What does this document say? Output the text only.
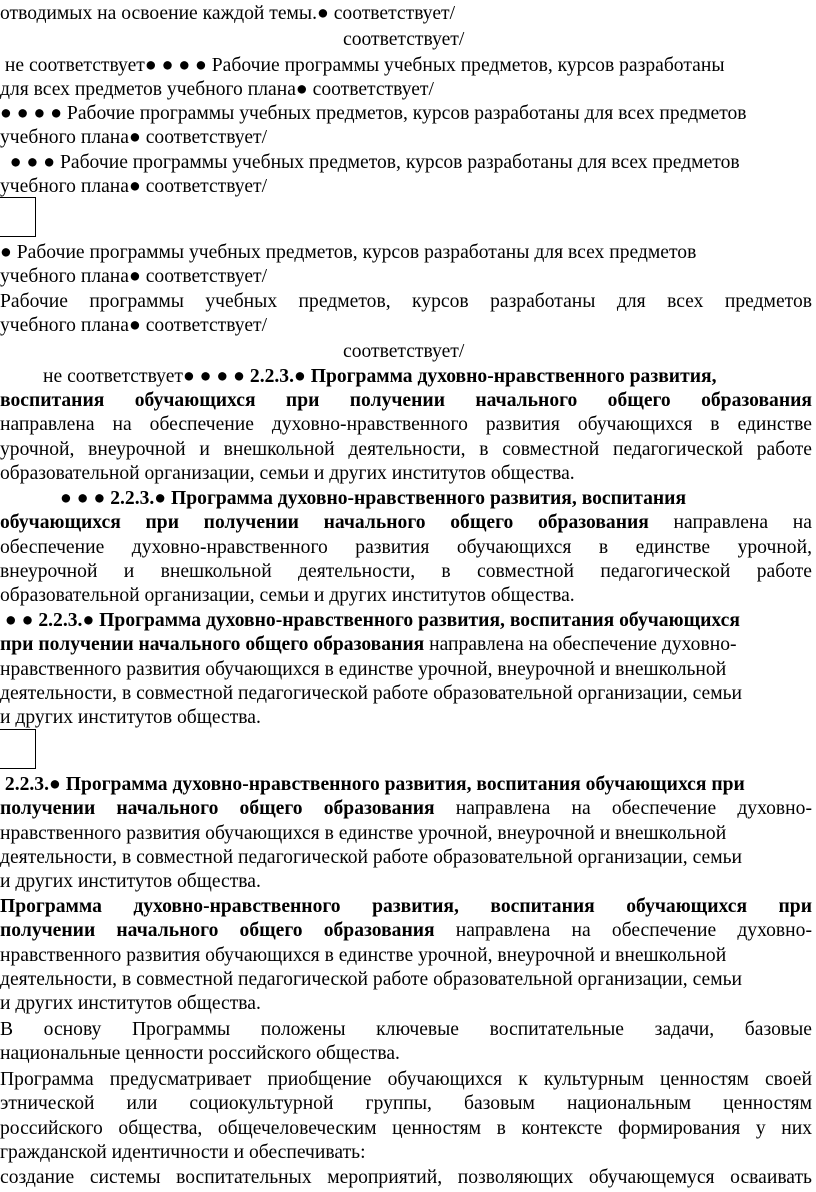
отводимых на освоение каждой темы.● соответствует/
соответствует/
не соответствует● ● ● ● Рабочие программы учебных предметов, курсов разработаны
для всех предметов учебного плана● соответствует/
● ● ● ● Рабочие программы учебных предметов, курсов разработаны для всех предметов
учебного плана● соответствует/
● ● ● Рабочие программы учебных предметов, курсов разработаны для всех предметов
учебного плана● соответствует/
● Рабочие программы учебных предметов, курсов разработаны для всех предметов
учебного плана● соответствует/
Рабочие программы учебных предметов, курсов разработаны для всех предметов
учебного плана● соответствует/
соответствует/
не соответствует● ● ● ● 2.2.3.● Программа духовно-нравственного развития,
воспитания обучающихся при получении начального общего образования
направлена на обеспечение духовно-нравственного развития обучающихся в единстве
урочной, внеурочной и внешкольной деятельности, в совместной педагогической работе
образовательной организации, семьи и других институтов общества.
● ● ● 2.2.3.● Программа духовно-нравственного развития, воспитания
обучающихся при получении начального общего образования направлена на
обеспечение духовно-нравственного развития обучающихся в единстве урочной,
внеурочной и внешкольной деятельности, в совместной педагогической работе
образовательной организации, семьи и других институтов общества.
● ● 2.2.3.● Программа духовно-нравственного развития, воспитания обучающихся
при получении начального общего образования направлена на обеспечение духовно-
нравственного развития обучающихся в единстве урочной, внеурочной и внешкольной
деятельности, в совместной педагогической работе образовательной организации, семьи
и других институтов общества.
2.2.3.● Программа духовно-нравственного развития, воспитания обучающихся при
получении начального общего образования направлена на обеспечение духовно-
нравственного развития обучающихся в единстве урочной, внеурочной и внешкольной
деятельности, в совместной педагогической работе образовательной организации, семьи
и других институтов общества.
Программа духовно-нравственного развития, воспитания обучающихся при
получении начального общего образования направлена на обеспечение духовно-
нравственного развития обучающихся в единстве урочной, внеурочной и внешкольной
деятельности, в совместной педагогической работе образовательной организации, семьи
и других институтов общества.
В основу Программы положены ключевые воспитательные задачи, базовые
национальные ценности российского общества.
Программа предусматривает приобщение обучающихся к культурным ценностям своей
этнической или социокультурной группы, базовым национальным ценностям
российского общества, общечеловеческим ценностям в контексте формирования у них
гражданской идентичности и обеспечивать:
создание системы воспитательных мероприятий, позволяющих обучающемуся осваивать
